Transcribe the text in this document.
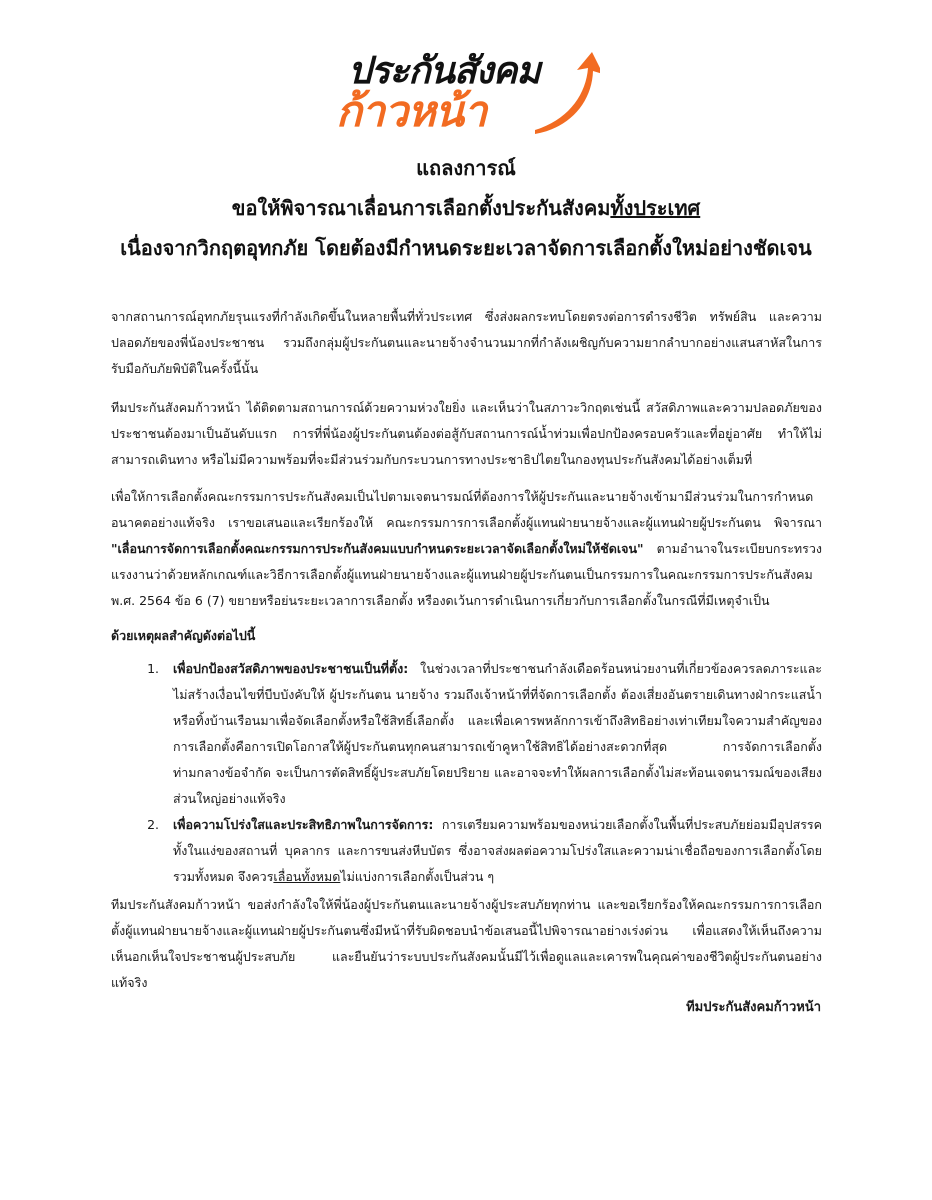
ประกันสังคม
ก้าวหน้า
แถลงการณ์
ขอให้พิจารณาเลื่อนการเลือกตั้งประกันสังคมทั้งประเทศ
เนื่องจากวิกฤตอุทกภัย โดยต้องมีกำหนดระยะเวลาจัดการเลือกตั้งใหม่อย่างชัดเจน
จากสถานการณ์อุทกภัยรุนแรงที่กำลังเกิดขึ้นในหลายพื้นที่ทั่วประเทศ ซึ่งส่งผลกระทบโดยตรงต่อการดำรงชีวิต ทรัพย์สิน และความปลอดภัยของพี่น้องประชาชน รวมถึงกลุ่มผู้ประกันตนและนายจ้างจำนวนมากที่กำลังเผชิญกับความยากลำบากอย่างแสนสาหัสในการรับมือกับภัยพิบัติในครั้งนี้นั้น
ทีมประกันสังคมก้าวหน้า ได้ติดตามสถานการณ์ด้วยความห่วงใยยิ่ง และเห็นว่าในสภาวะวิกฤตเช่นนี้ สวัสดิภาพและความปลอดภัยของประชาชนต้องมาเป็นอันดับแรก การที่พี่น้องผู้ประกันตนต้องต่อสู้กับสถานการณ์น้ำท่วมเพื่อปกป้องครอบครัวและที่อยู่อาศัย ทำให้ไม่สามารถเดินทาง หรือไม่มีความพร้อมที่จะมีส่วนร่วมกับกระบวนการทางประชาธิปไตยในกองทุนประกันสังคมได้อย่างเต็มที่
เพื่อให้การเลือกตั้งคณะกรรมการประกันสังคมเป็นไปตามเจตนารมณ์ที่ต้องการให้ผู้ประกันและนายจ้างเข้ามามีส่วนร่วมในการกำหนดอนาคตอย่างแท้จริง เราขอเสนอและเรียกร้องให้ คณะกรรมการการเลือกตั้งผู้แทนฝ่ายนายจ้างและผู้แทนฝ่ายผู้ประกันตน พิจารณา "เลื่อนการจัดการเลือกตั้งคณะกรรมการประกันสังคมแบบกำหนดระยะเวลาจัดเลือกตั้งใหม่ให้ชัดเจน" ตามอำนาจในระเบียบกระทรวงแรงงานว่าด้วยหลักเกณฑ์และวิธีการเลือกตั้งผู้แทนฝ่ายนายจ้างและผู้แทนฝ่ายผู้ประกันตนเป็นกรรมการในคณะกรรมการประกันสังคม พ.ศ. 2564 ข้อ 6 (7) ขยายหรือย่นระยะเวลาการเลือกตั้ง หรืองดเว้นการดำเนินการเกี่ยวกับการเลือกตั้งในกรณีที่มีเหตุจำเป็น
ด้วยเหตุผลสำคัญดังต่อไปนี้
1. เพื่อปกป้องสวัสดิภาพของประชาชนเป็นที่ตั้ง: ในช่วงเวลาที่ประชาชนกำลังเดือดร้อนหน่วยงานที่เกี่ยวข้องควรลดภาระและไม่สร้างเงื่อนไขที่บีบบังคับให้ ผู้ประกันตน นายจ้าง รวมถึงเจ้าหน้าที่ที่จัดการเลือกตั้ง ต้องเสี่ยงอันตรายเดินทางฝ่ากระแสน้ำหรือทิ้งบ้านเรือนมาเพื่อจัดเลือกตั้งหรือใช้สิทธิ์เลือกตั้ง และเพื่อเคารพหลักการเข้าถึงสิทธิอย่างเท่าเทียมใจความสำคัญของการเลือกตั้งคือการเปิดโอกาสให้ผู้ประกันตนทุกคนสามารถเข้าคูหาใช้สิทธิได้อย่างสะดวกที่สุด การจัดการเลือกตั้งท่ามกลางข้อจำกัด จะเป็นการตัดสิทธิ์ผู้ประสบภัยโดยปริยาย และอาจจะทำให้ผลการเลือกตั้งไม่สะท้อนเจตนารมณ์ของเสียงส่วนใหญ่อย่างแท้จริง
2. เพื่อความโปร่งใสและประสิทธิภาพในการจัดการ: การเตรียมความพร้อมของหน่วยเลือกตั้งในพื้นที่ประสบภัยย่อมมีอุปสรรค ทั้งในแง่ของสถานที่ บุคลากร และการขนส่งหีบบัตร ซึ่งอาจส่งผลต่อความโปร่งใสและความน่าเชื่อถือของการเลือกตั้งโดยรวมทั้งหมด จึงควรเลื่อนทั้งหมดไม่แบ่งการเลือกตั้งเป็นส่วน ๆ
ทีมประกันสังคมก้าวหน้า ขอส่งกำลังใจให้พี่น้องผู้ประกันตนและนายจ้างผู้ประสบภัยทุกท่าน และขอเรียกร้องให้คณะกรรมการการเลือกตั้งผู้แทนฝ่ายนายจ้างและผู้แทนฝ่ายผู้ประกันตนซึ่งมีหน้าที่รับผิดชอบนำข้อเสนอนี้ไปพิจารณาอย่างเร่งด่วน เพื่อแสดงให้เห็นถึงความเห็นอกเห็นใจประชาชนผู้ประสบภัย และยืนยันว่าระบบประกันสังคมนั้นมีไว้เพื่อดูแลและเคารพในคุณค่าของชีวิตผู้ประกันตนอย่างแท้จริง
ทีมประกันสังคมก้าวหน้า
